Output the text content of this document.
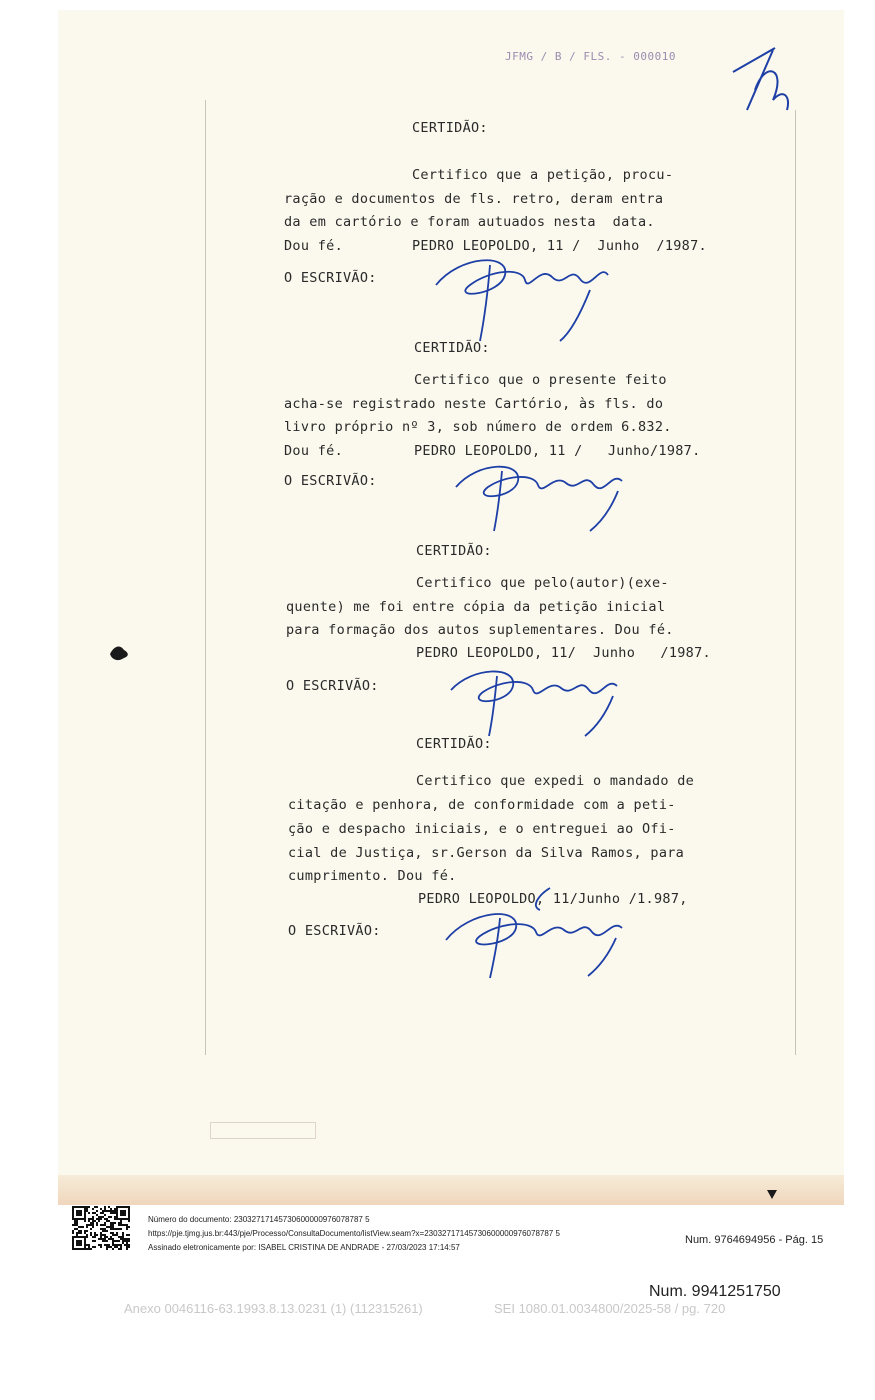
JFMG / B / FLS. - 000010
CERTIDÃO:
Certifico que a petição, procu-
ração e documentos de fls. retro, deram entra
da em cartório e foram autuados nesta  data.
Dou fé.	PEDRO LEOPOLDO, 11 /  Junho  /1987.
O ESCRIVÃO:
CERTIDÃO:
Certifico que o presente feito
acha-se registrado neste Cartório, às fls. do
livro próprio nº 3, sob número de ordem 6.832.
Dou fé.	PEDRO LEOPOLDO, 11 /   Junho/1987.
O ESCRIVÃO:
CERTIDÃO:
Certifico que pelo(autor)(exe-
quente) me foi entre cópia da petição inicial
para formação dos autos suplementares. Dou fé.
PEDRO LEOPOLDO, 11/  Junho   /1987.
O ESCRIVÃO:
CERTIDÃO:
Certifico que expedi o mandado de
citação e penhora, de conformidade com a peti-
ção e despacho iniciais, e o entreguei ao Ofi-
cial de Justiça, sr.Gerson da Silva Ramos, para
cumprimento. Dou fé.
PEDRO LEOPOLDO, 11/Junho /1.987,
O ESCRIVÃO:
Número do documento: 23032717145730600000976078787 5
https://pje.tjmg.jus.br:443/pje/Processo/ConsultaDocumento/listView.seam?x=23032717145730600000976078787 5
Assinado eletronicamente por: ISABEL CRISTINA DE ANDRADE - 27/03/2023 17:14:57
Num. 9764694956 - Pág. 15
Num. 9941251750
Anexo 0046116-63.1993.8.13.0231 (1) (112315261)	SEI 1080.01.0034800/2025-58 / pg. 720
